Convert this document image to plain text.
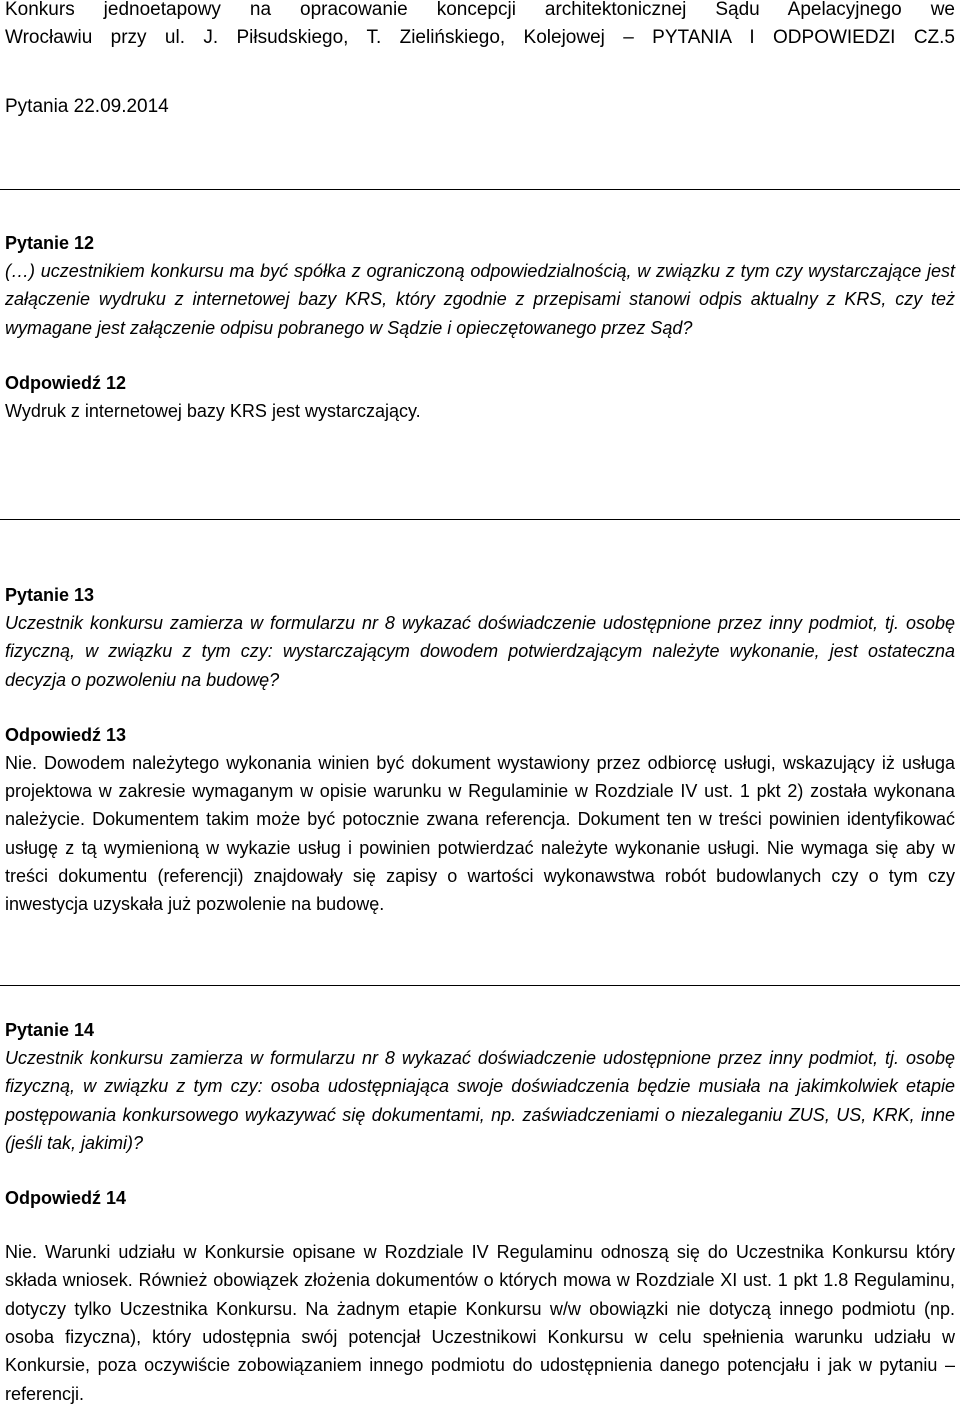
Konkurs jednoetapowy na opracowanie koncepcji architektonicznej Sądu Apelacyjnego we
Wrocławiu przy ul. J. Piłsudskiego, T. Zielińskiego, Kolejowej – PYTANIA I ODPOWIEDZI CZ.5
Pytania 22.09.2014
Pytanie 12

(…) uczestnikiem konkursu ma być spółka z ograniczoną odpowiedzialnością, w związku z tym czy wystarczające jest załączenie wydruku z internetowej bazy KRS, który zgodnie z przepisami stanowi odpis aktualny z KRS, czy też wymagane jest załączenie odpisu pobranego w Sądzie i opieczętowanego przez Sąd?

Odpowiedź 12

Wydruk z internetowej bazy KRS jest wystarczający.

Pytanie 13

Uczestnik konkursu zamierza w formularzu nr 8 wykazać doświadczenie udostępnione przez inny podmiot, tj. osobę fizyczną, w związku z tym czy: wystarczającym dowodem potwierdzającym należyte wykonanie, jest ostateczna decyzja o pozwoleniu na budowę?

Odpowiedź 13

Nie. Dowodem należytego wykonania winien być dokument wystawiony przez odbiorcę usługi, wskazujący iż usługa projektowa w zakresie wymaganym w opisie warunku w Regulaminie w Rozdziale IV ust. 1 pkt 2) została wykonana należycie. Dokumentem takim może być potocznie zwana referencja. Dokument ten w treści powinien identyfikować usługę z tą wymienioną w wykazie usług i powinien potwierdzać należyte wykonanie usługi. Nie wymaga się aby w treści dokumentu (referencji) znajdowały się zapisy o wartości wykonawstwa robót budowlanych czy o tym czy inwestycja uzyskała już pozwolenie na budowę.

Pytanie 14

Uczestnik konkursu zamierza w formularzu nr 8 wykazać doświadczenie udostępnione przez inny podmiot, tj. osobę fizyczną, w związku z tym czy: osoba udostępniająca swoje doświadczenia będzie musiała na jakimkolwiek etapie postępowania konkursowego wykazywać się dokumentami, np. zaświadczeniami o niezaleganiu ZUS, US, KRK, inne (jeśli tak, jakimi)?

Odpowiedź 14

Nie. Warunki udziału w Konkursie opisane w Rozdziale IV Regulaminu odnoszą się do Uczestnika Konkursu który składa wniosek. Również obowiązek złożenia dokumentów o których mowa w Rozdziale XI ust. 1 pkt 1.8 Regulaminu, dotyczy tylko Uczestnika Konkursu. Na żadnym etapie Konkursu w/w obowiązki nie dotyczą innego podmiotu (np. osoba fizyczna), który udostępnia swój potencjał Uczestnikowi Konkursu w celu spełnienia warunku udziału w Konkursie, poza oczywiście zobowiązaniem innego podmiotu do udostępnienia danego potencjału i jak w pytaniu – referencji.
